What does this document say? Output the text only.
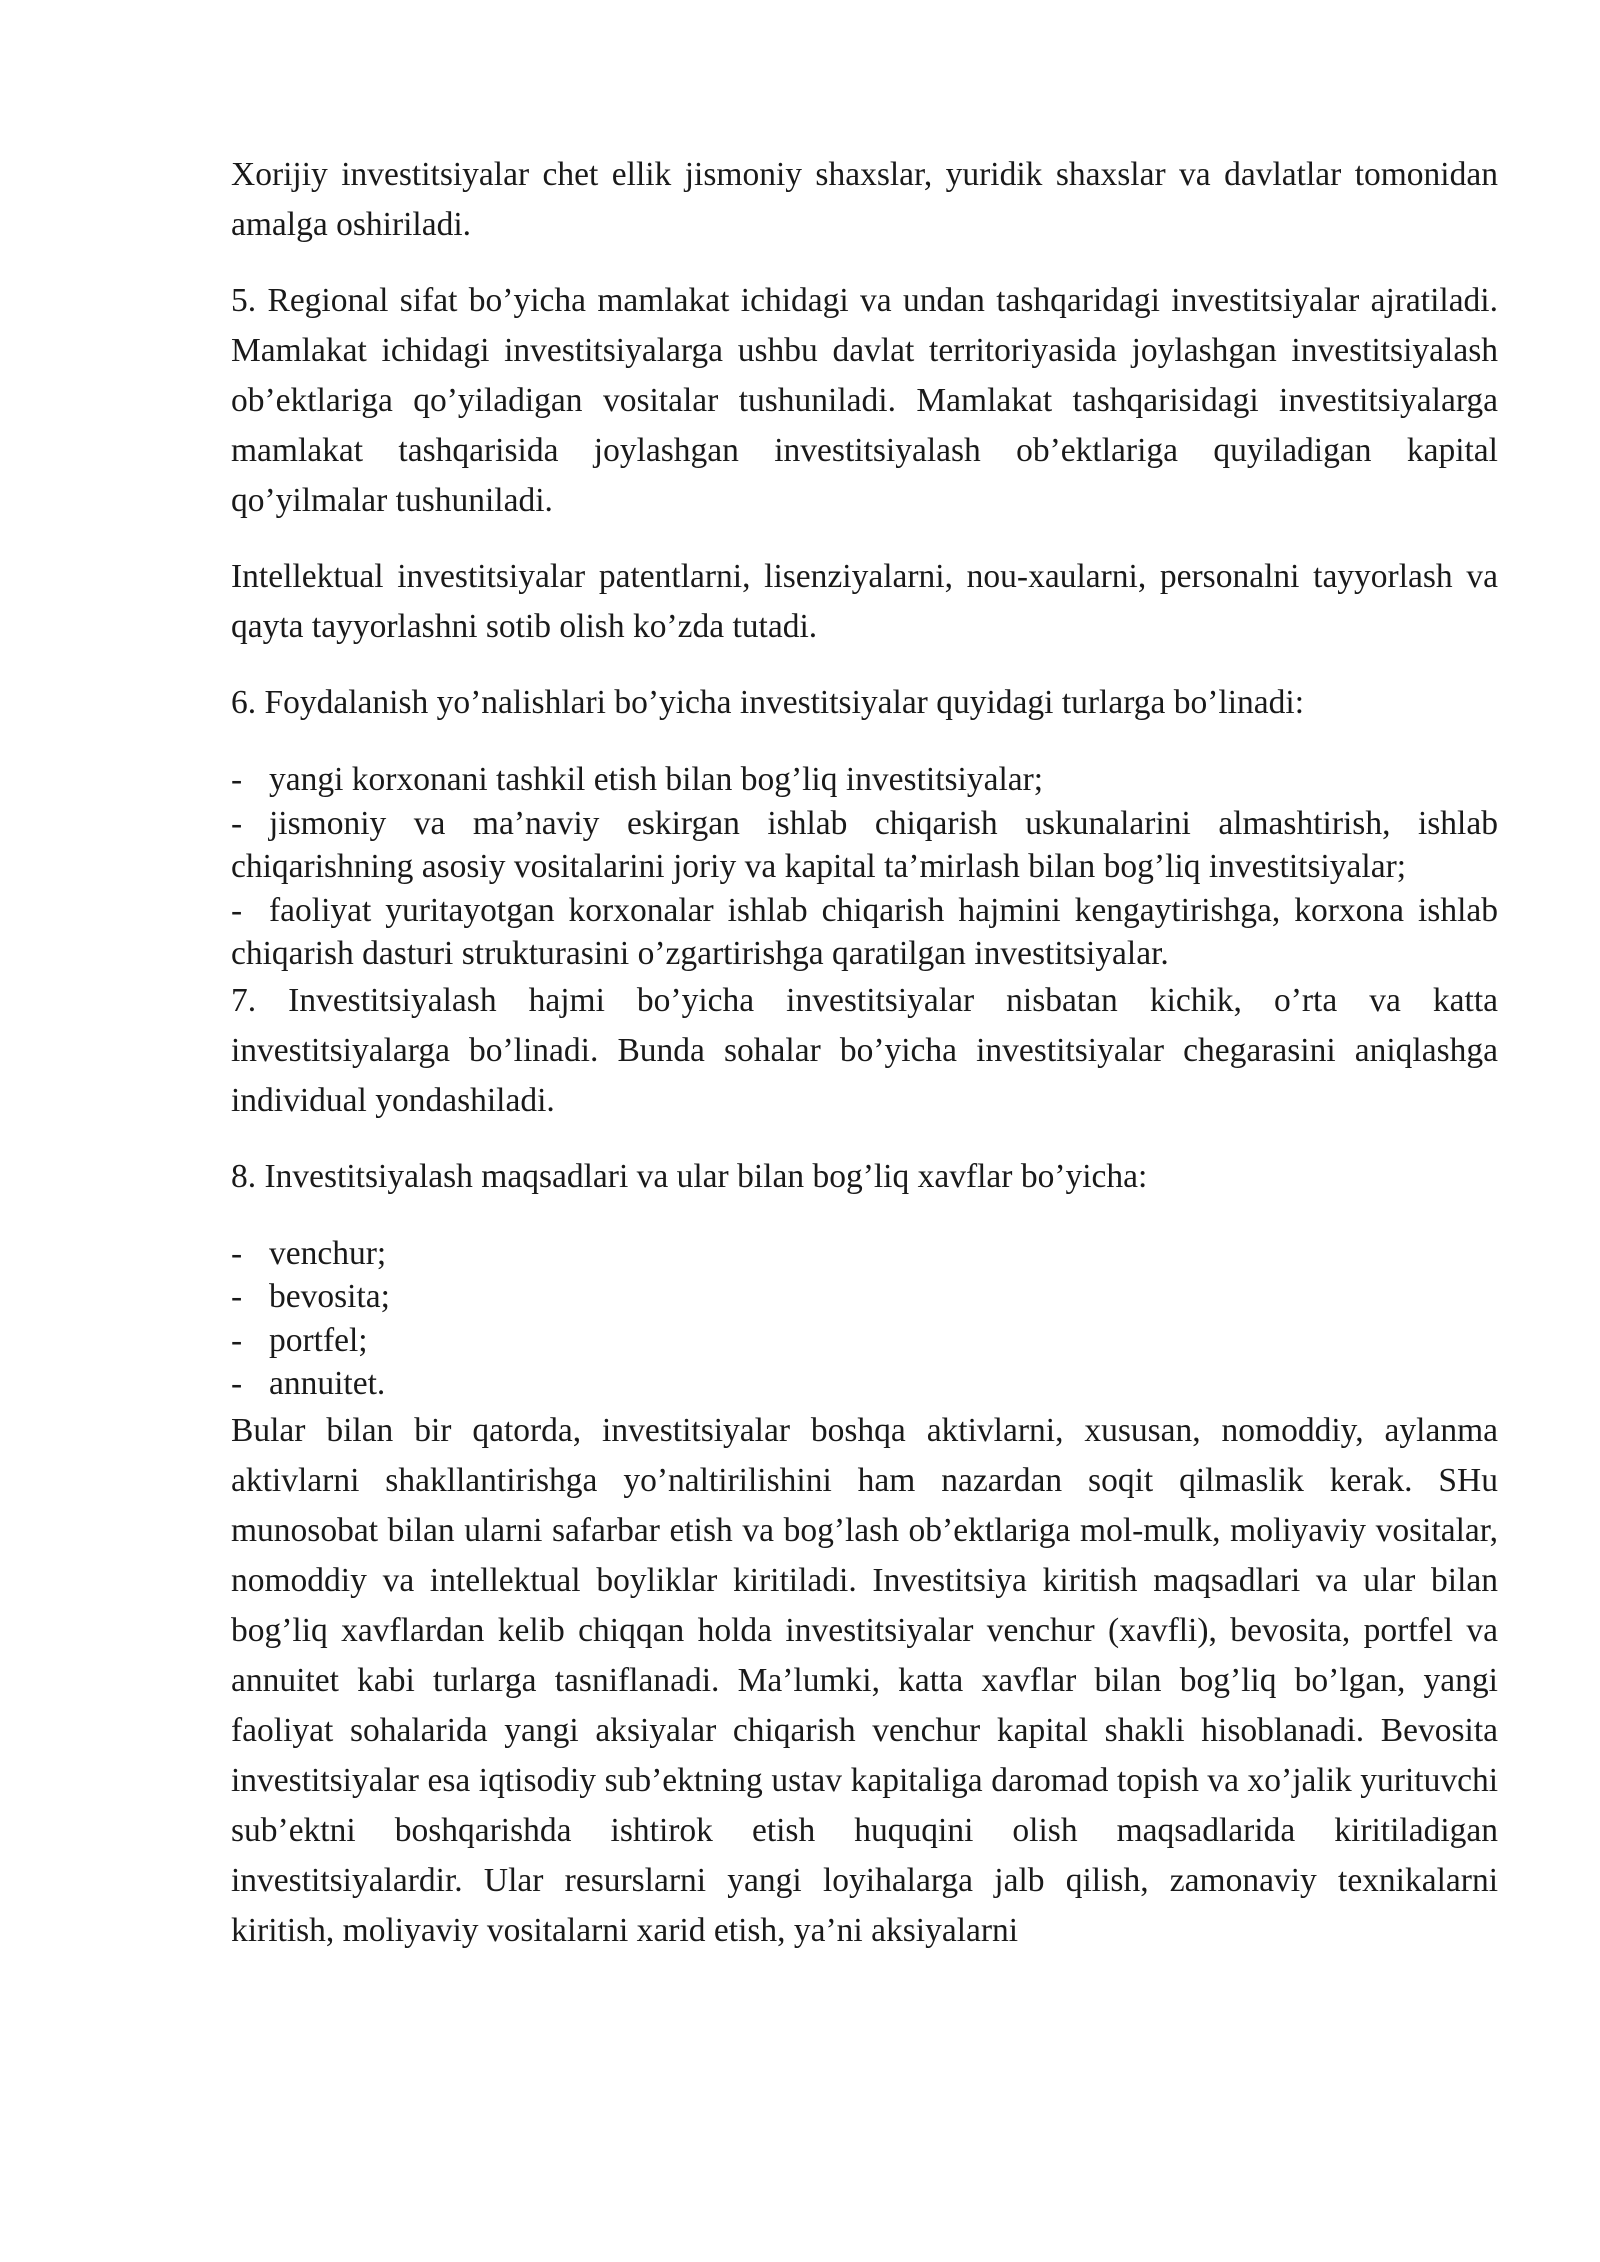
Xorijiy investitsiyalar chet ellik jismoniy shaxslar, yuridik shaxslar va davlatlar tomonidan amalga oshiriladi.

5. Regional sifat bo’yicha mamlakat ichidagi va undan tashqaridagi investitsiyalar ajratiladi. Mamlakat ichidagi investitsiyalarga ushbu davlat territoriyasida joylashgan investitsiyalash ob’ektlariga qo’yiladigan vositalar tushuniladi. Mamlakat tashqarisidagi investitsiyalarga mamlakat tashqarisida joylashgan investitsiyalash ob’ektlariga quyiladigan kapital qo’yilmalar tushuniladi.

Intellektual investitsiyalar patentlarni, lisenziyalarni, nou-xaularni, personalni tayyorlash va qayta tayyorlashni sotib olish ko’zda tutadi.

6. Foydalanish yo’nalishlari bo’yicha investitsiyalar quyidagi turlarga bo’linadi:

- yangi korxonani tashkil etish bilan bog’liq investitsiyalar;
- jismoniy va ma’naviy eskirgan ishlab chiqarish uskunalarini almashtirish, ishlab chiqarishning asosiy vositalarini joriy va kapital ta’mirlash bilan bog’liq investitsiyalar;
- faoliyat yuritayotgan korxonalar ishlab chiqarish hajmini kengaytirishga, korxona ishlab chiqarish dasturi strukturasini o’zgartirishga qaratilgan investitsiyalar.

7. Investitsiyalash hajmi bo’yicha investitsiyalar nisbatan kichik, o’rta va katta investitsiyalarga bo’linadi. Bunda sohalar bo’yicha investitsiyalar chegarasini aniqlashga individual yondashiladi.

8. Investitsiyalash maqsadlari va ular bilan bog’liq xavflar bo’yicha:

- venchur;
- bevosita;
- portfel;
- annuitet.

Bular bilan bir qatorda, investitsiyalar boshqa aktivlarni, xususan, nomoddiy, aylanma aktivlarni shakllantirishga yo’naltirilishini ham nazardan soqit qilmaslik kerak. SHu munosobat bilan ularni safarbar etish va bog’lash ob’ektlariga mol-mulk, moliyaviy vositalar, nomoddiy va intellektual boyliklar kiritiladi. Investitsiya kiritish maqsadlari va ular bilan bog’liq xavflardan kelib chiqqan holda investitsiyalar venchur (xavfli), bevosita, portfel va annuitet kabi turlarga tasniflanadi. Ma’lumki, katta xavflar bilan bog’liq bo’lgan, yangi faoliyat sohalarida yangi aksiyalar chiqarish venchur kapital shakli hisoblanadi. Bevosita investitsiyalar esa iqtisodiy sub’ektning ustav kapitaliga daromad topish va xo’jalik yurituvchi sub’ektni boshqarishda ishtirok etish huquqini olish maqsadlarida kiritiladigan investitsiyalardir. Ular resurslarni yangi loyihalarga jalb qilish, zamonaviy texnikalarni kiritish, moliyaviy vositalarni xarid etish, ya’ni aksiyalarni
